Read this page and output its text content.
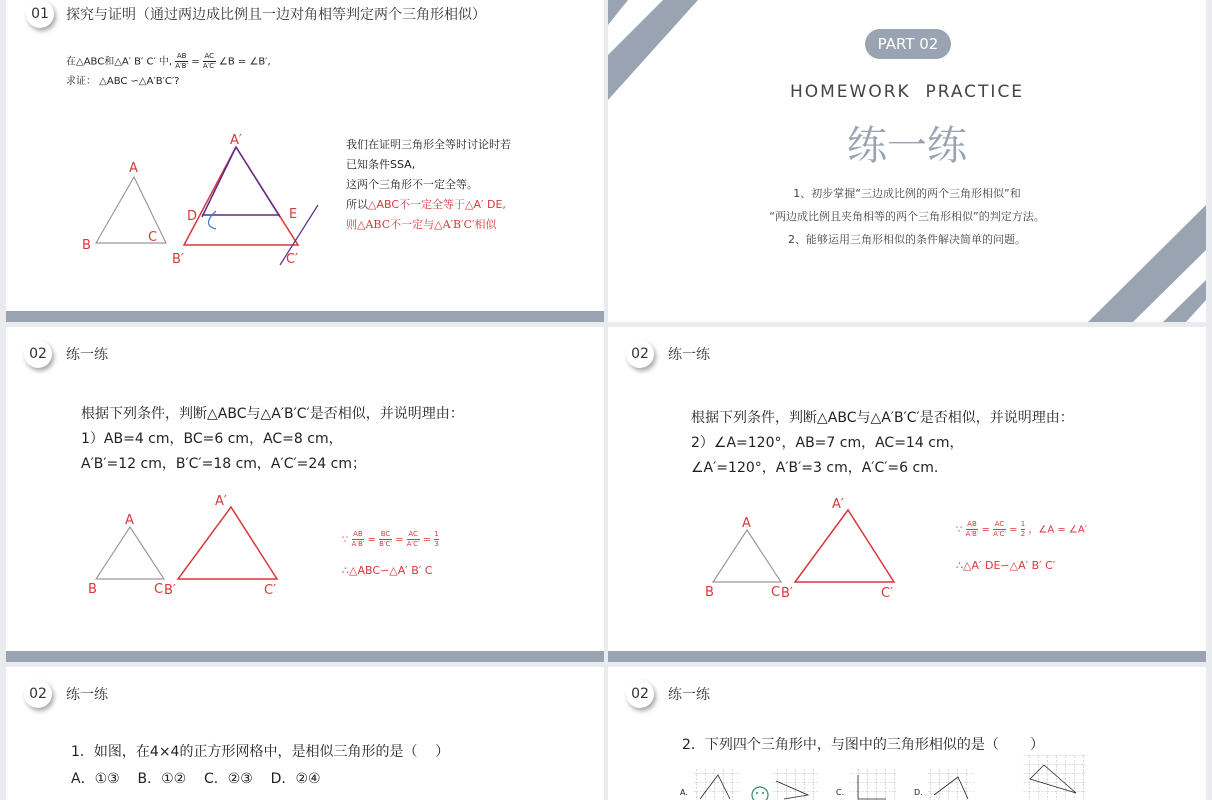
01	探究与证明（通过两边成比例且一边对角相等判定两个三角形相似）
在△ABC和△A′ B′ C′ 中, $\frac{AB}{A'B'} = \frac{AC}{A'C'}$ ∠B = ∠B′,
求证： △ABC ∽△A′B′C′?
A
B
C
A′
B′	C′
D	E
我们在证明三角形全等时讨论时若
已知条件SSA,
这两个三角形不一定全等。
所以△ABC不一定全等于△A′ DE,
则△ABC不一定与△A′B′C′相似
PART 02
HOMEWORK  PRACTICE
练一练
1、初步掌握“三边成比例的两个三角形相似”和
“两边成比例且夹角相等的两个三角形相似”的判定方法。
2、能够运用三角形相似的条件解决简单的问题。
02	练一练
根据下列条件，判断△ABC与△A′B′C′是否相似，并说明理由：
1）AB=4 cm，BC=6 cm，AC=8 cm，
A′B′=12 cm，B′C′=18 cm，A′C′=24 cm；
A
B	C
A′
B′	C′
∵ $\frac{AB}{A'B'} = \frac{BC}{B'C'} = \frac{AC}{A'C'} = \frac{1}{3}$
∴△ABC∽△A′ B′ C
02	练一练
根据下列条件，判断△ABC与△A′B′C′是否相似，并说明理由：
2）∠A=120°，AB=7 cm，AC=14 cm，
∠A′=120°，A′B′=3 cm，A′C′=6 cm.
A
B	C
A′
B′	C′
∵ $\frac{AB}{A'B'} = \frac{AC}{A'C'} = \frac{1}{2}$ ，∠A = ∠A′
∴△A′ DE∽△A′ B′ C′
02	练一练
1．如图，在4×4的正方形网格中，是相似三角形的是（    ）
A．①③    B．①②    C．②③    D．②④
02	练一练
2．下列四个三角形中，与图中的三角形相似的是（       ）
A.	C.	D.
